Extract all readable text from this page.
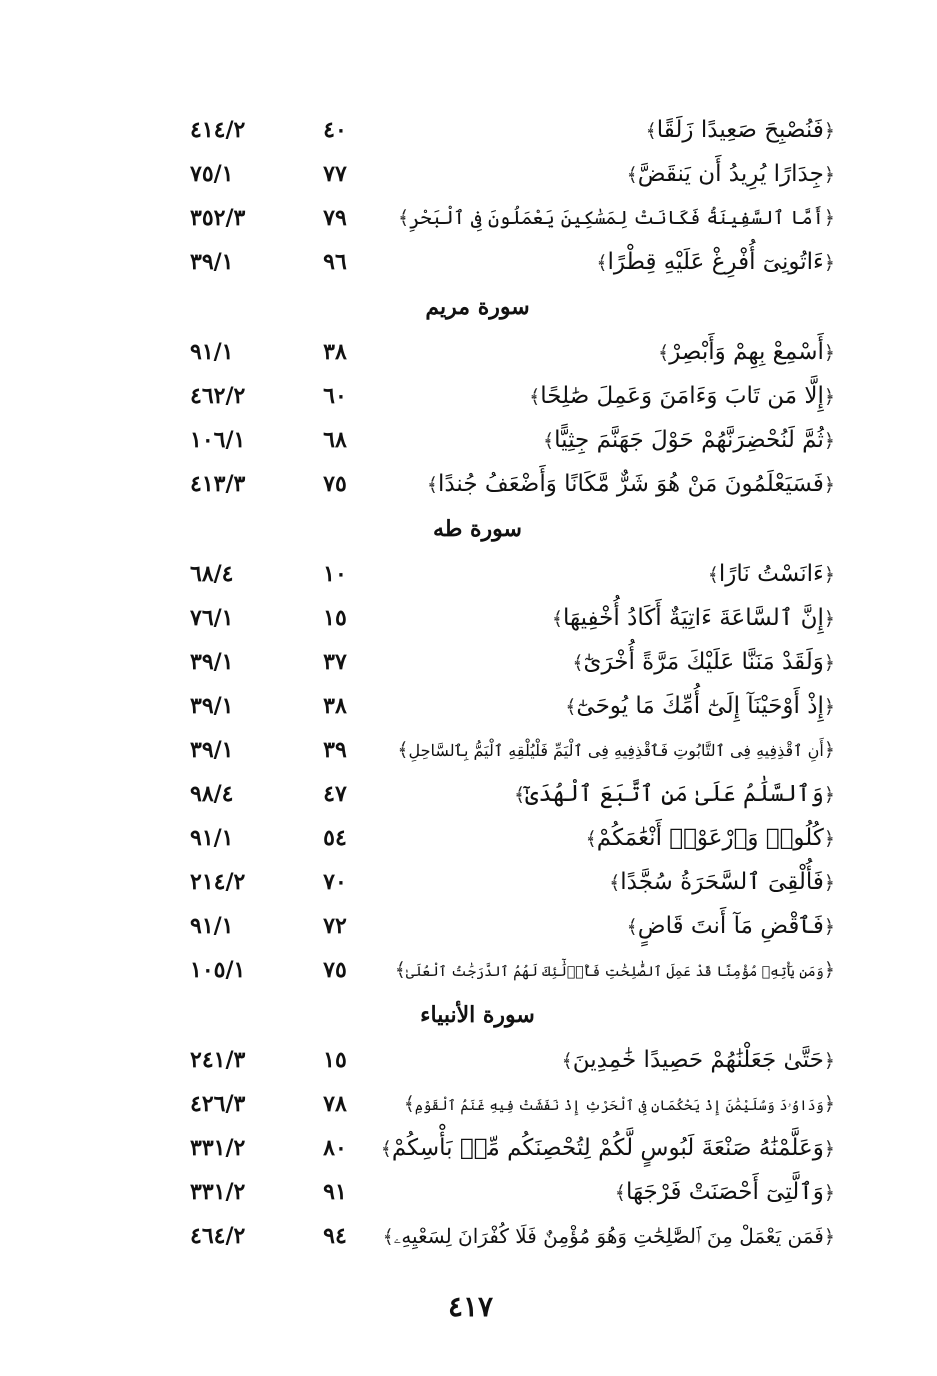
﴿فَنُصْبِحَ صَعِيدًا زَلَقًا﴾
٤٠
٤١٤/٢
﴿جِدَارًا يُرِيدُ أَن يَنقَضَّ﴾
٧٧
٧٥/١
﴿أَمَّا ٱلسَّفِينَةُ فَكَانَتْ لِمَسَٰكِينَ يَعْمَلُونَ فِى ٱلْبَحْرِ﴾
٧٩
٣٥٢/٣
﴿ءَاتُونِىٓ أُفْرِغْ عَلَيْهِ قِطْرًا﴾
٩٦
٣٩/١
سورة مريم
﴿أَسْمِعْ بِهِمْ وَأَبْصِرْ﴾
٣٨
٩١/١
﴿إِلَّا مَن تَابَ وَءَامَنَ وَعَمِلَ صَٰلِحًا﴾
٦٠
٤٦٢/٢
﴿ثُمَّ لَنُحْضِرَنَّهُمْ حَوْلَ جَهَنَّمَ جِثِيًّا﴾
٦٨
١٠٦/١
﴿فَسَيَعْلَمُونَ مَنْ هُوَ شَرٌّ مَّكَانًا وَأَضْعَفُ جُندًا﴾
٧٥
٤١٣/٣
سورة طه
﴿ءَانَسْتُ نَارًا﴾
١٠
٦٨/٤
﴿إِنَّ ٱلسَّاعَةَ ءَاتِيَةٌ أَكَادُ أُخْفِيهَا﴾
١٥
٧٦/١
﴿وَلَقَدْ مَنَنَّا عَلَيْكَ مَرَّةً أُخْرَىٰٓ﴾
٣٧
٣٩/١
﴿إِذْ أَوْحَيْنَآ إِلَىٰٓ أُمِّكَ مَا يُوحَىٰٓ﴾
٣٨
٣٩/١
﴿أَنِ ٱقْذِفِيهِ فِى ٱلتَّابُوتِ فَٱقْذِفِيهِ فِى ٱلْيَمِّ فَلْيُلْقِهِ ٱلْيَمُّ بِٱلسَّاحِلِ﴾
٣٩
٣٩/١
﴿وَٱلسَّلَٰمُ عَلَىٰ مَنِ ٱتَّبَعَ ٱلْهُدَىٰٓ﴾
٤٧
٩٨/٤
﴿كُلُوا۟ وَٱرْعَوْا۟ أَنْعَٰمَكُمْ﴾
٥٤
٩١/١
﴿فَأُلْقِىَ ٱلسَّحَرَةُ سُجَّدًا﴾
٧٠
٢١٤/٢
﴿فَٱقْضِ مَآ أَنتَ قَاضٍ﴾
٧٢
٩١/١
﴿وَمَن يَأْتِهِۦ مُؤْمِنًا قَدْ عَمِلَ ٱلصَّٰلِحَٰتِ فَأُو۟لَٰٓئِكَ لَهُمُ ٱلدَّرَجَٰتُ ٱلْعُلَىٰ﴾
٧٥
١٠٥/١
سورة الأنبياء
﴿حَتَّىٰ جَعَلْنَٰهُمْ حَصِيدًا خَٰمِدِينَ﴾
١٥
٢٤١/٣
﴿وَدَاوُۥدَ وَسُلَيْمَٰنَ إِذْ يَحْكُمَانِ فِى ٱلْحَرْثِ إِذْ نَفَشَتْ فِيهِ غَنَمُ ٱلْقَوْمِ﴾
٧٨
٤٢٦/٣
﴿وَعَلَّمْنَٰهُ صَنْعَةَ لَبُوسٍ لَّكُمْ لِتُحْصِنَكُم مِّنۢ بَأْسِكُمْ﴾
٨٠
٣٣١/٢
﴿وَٱلَّتِىٓ أَحْصَنَتْ فَرْجَهَا﴾
٩١
٣٣١/٢
﴿فَمَن يَعْمَلْ مِنَ ٱلصَّٰلِحَٰتِ وَهُوَ مُؤْمِنٌ فَلَا كُفْرَانَ لِسَعْيِهِۦ﴾
٩٤
٤٦٤/٢
٤١٧
